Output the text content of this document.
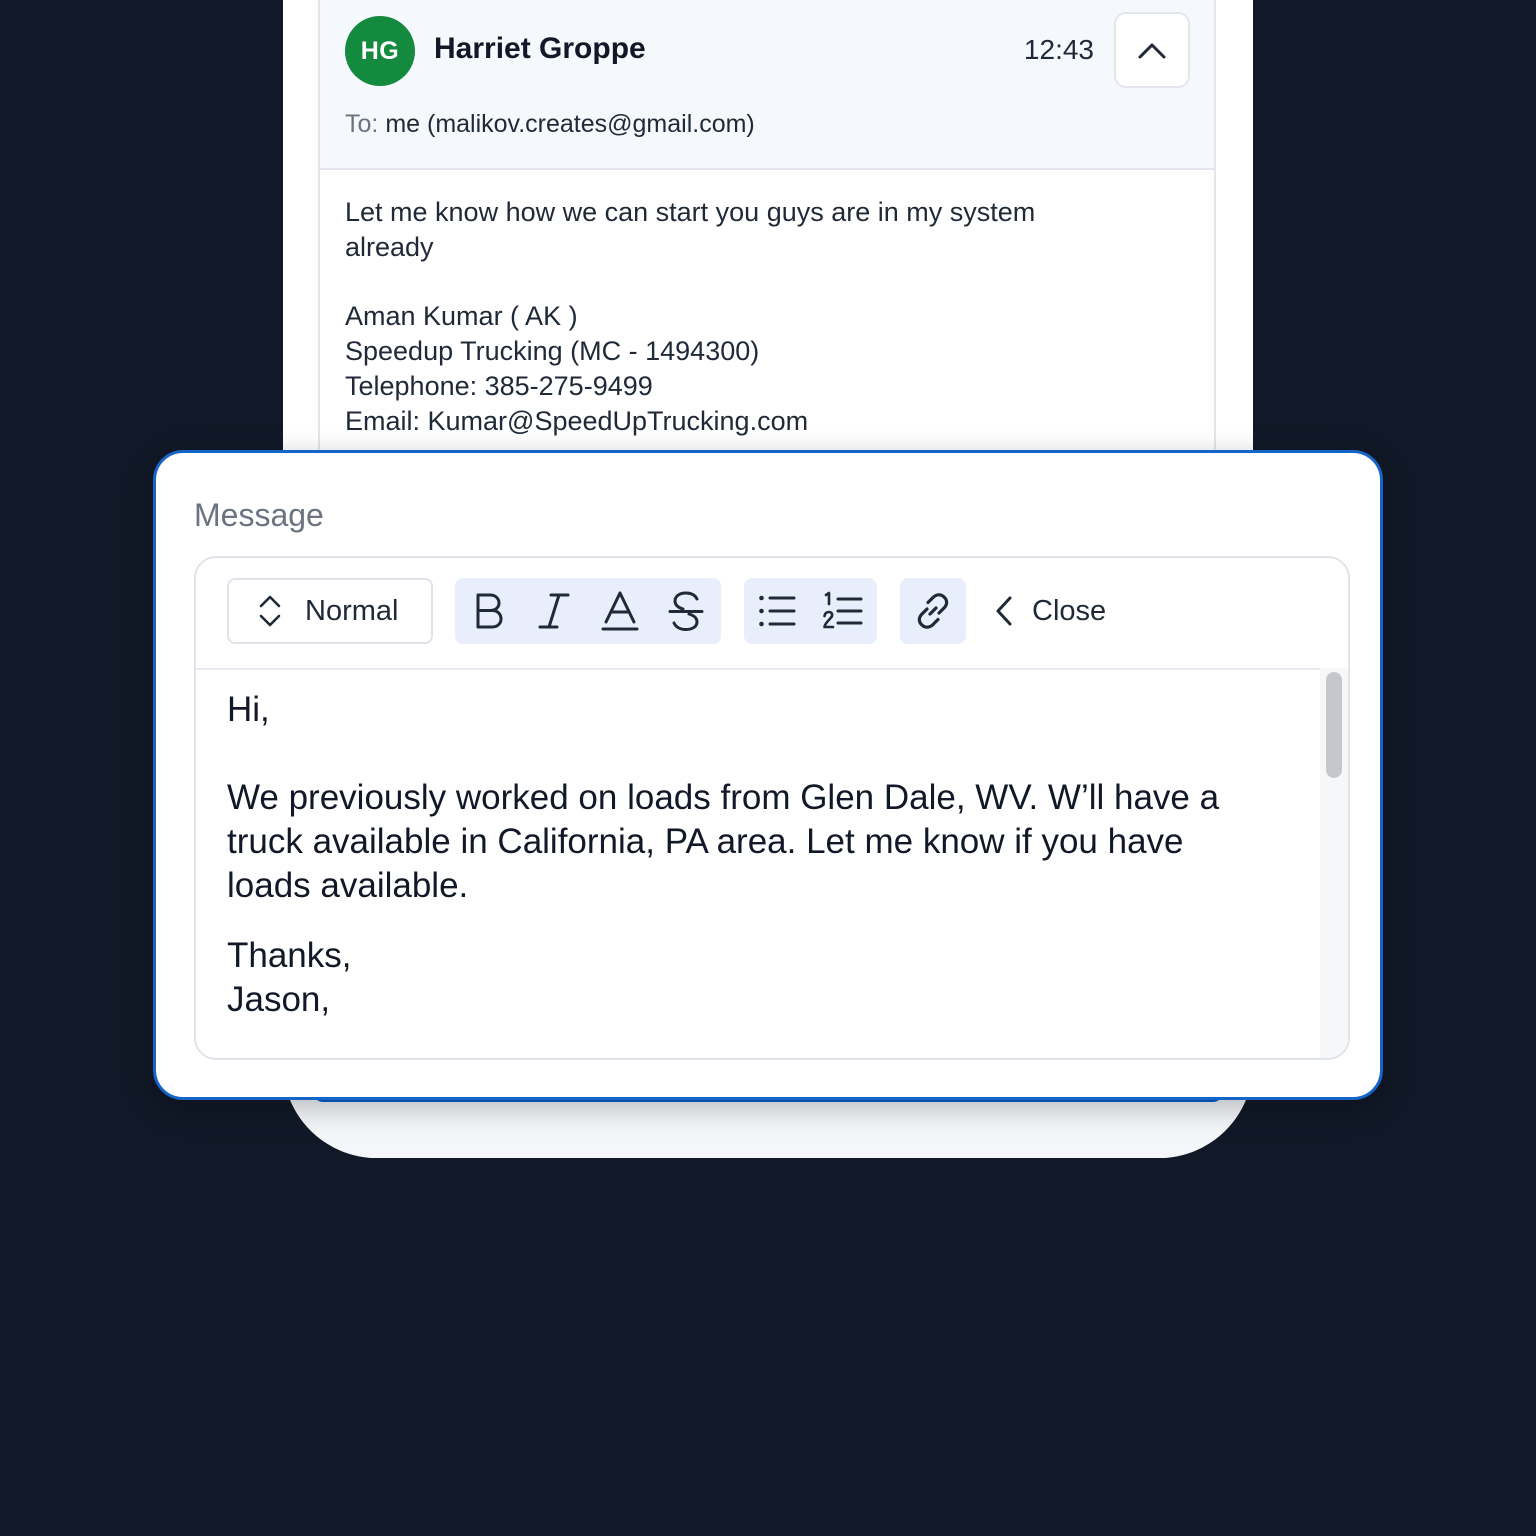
HG	Harriet Groppe	12:43
To: me (malikov.creates@gmail.com)

Let me know how we can start you guys are in my system

already

Aman Kumar ( AK )

Speedup Trucking (MC - 1494300)

Telephone: 385-275-9499

Email: Kumar@SpeedUpTrucking.com

Message
Normal	Close

Hi,

We previously worked on loads from Glen Dale, WV. W’ll have a

truck available in California, PA area. Let me know if you have

loads available.

Thanks,

Jason,
